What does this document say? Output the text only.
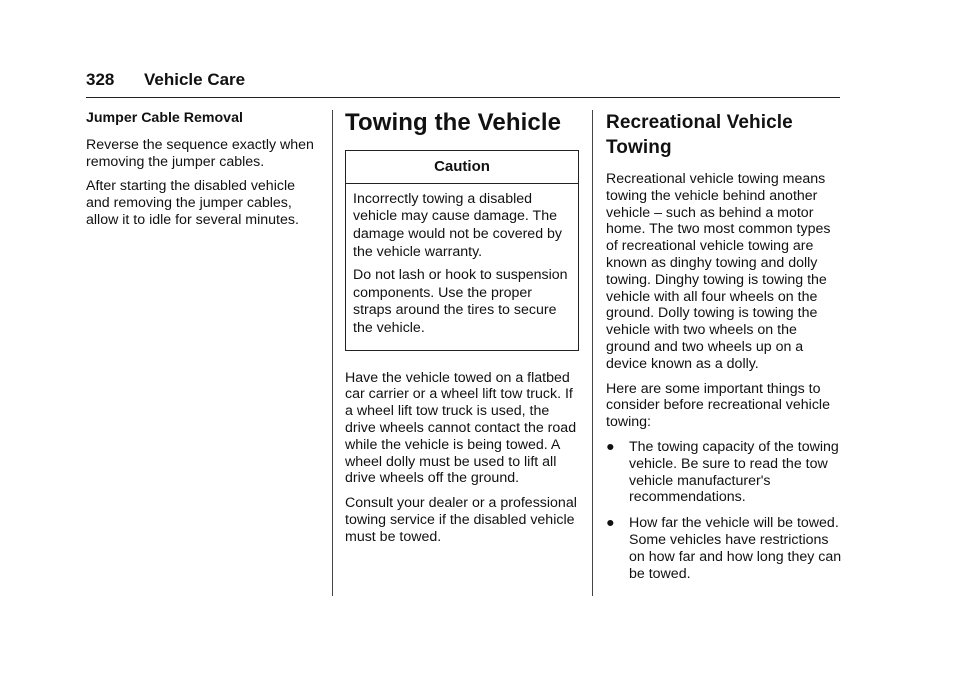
328 Vehicle Care
Jumper Cable Removal

Reverse the sequence exactly when removing the jumper cables.

After starting the disabled vehicle and removing the jumper cables, allow it to idle for several minutes.

Towing the Vehicle
Caution

Incorrectly towing a disabled vehicle may cause damage. The damage would not be covered by the vehicle warranty.

Do not lash or hook to suspension components. Use the proper straps around the tires to secure the vehicle.

Have the vehicle towed on a flatbed car carrier or a wheel lift tow truck. If a wheel lift tow truck is used, the drive wheels cannot contact the road while the vehicle is being towed. A wheel dolly must be used to lift all drive wheels off the ground.

Consult your dealer or a professional towing service if the disabled vehicle must be towed.

Recreational Vehicle Towing

Recreational vehicle towing means towing the vehicle behind another vehicle – such as behind a motor home. The two most common types of recreational vehicle towing are known as dinghy towing and dolly towing. Dinghy towing is towing the vehicle with all four wheels on the ground. Dolly towing is towing the vehicle with two wheels on the ground and two wheels up on a device known as a dolly.

Here are some important things to consider before recreational vehicle towing:

● The towing capacity of the towing vehicle. Be sure to read the tow vehicle manufacturer's recommendations.
● How far the vehicle will be towed. Some vehicles have restrictions on how far and how long they can be towed.
